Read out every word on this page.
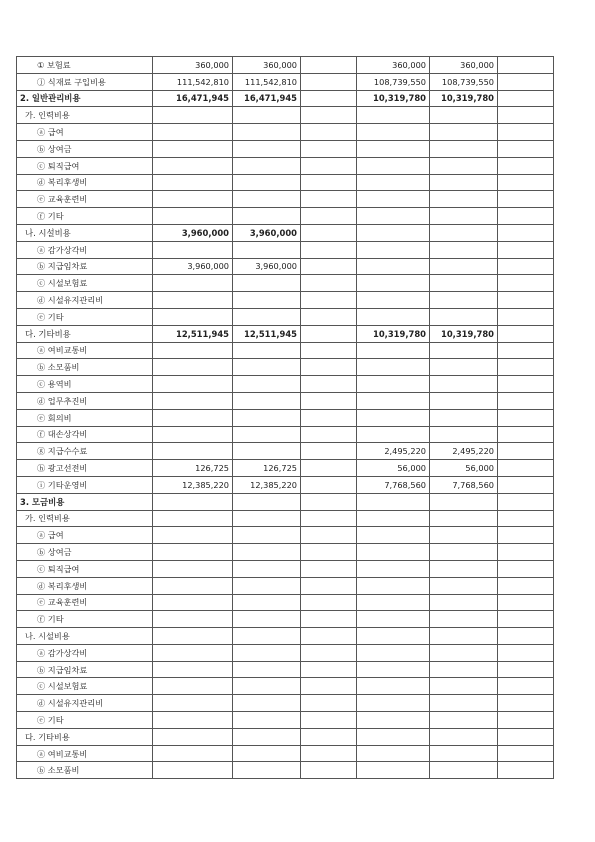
① 보험료	360,000	360,000		360,000	360,000	
ⓙ 식재료 구입비용	111,542,810	111,542,810		108,739,550	108,739,550	
2. 일반관리비용	16,471,945	16,471,945		10,319,780	10,319,780	
가. 인력비용						
ⓐ 급여						
ⓑ 상여금						
ⓒ 퇴직급여						
ⓓ 복리후생비						
ⓔ 교육훈련비						
ⓕ 기타						
나. 시설비용	3,960,000	3,960,000				
ⓐ 감가상각비						
ⓑ 지급임차료	3,960,000	3,960,000				
ⓒ 시설보험료						
ⓓ 시설유지관리비						
ⓔ 기타						
다. 기타비용	12,511,945	12,511,945		10,319,780	10,319,780	
ⓐ 여비교통비						
ⓑ 소모품비						
ⓒ 용역비						
ⓓ 업무추진비						
ⓔ 회의비						
ⓕ 대손상각비						
ⓖ 지급수수료				2,495,220	2,495,220	
ⓗ 광고선전비	126,725	126,725		56,000	56,000	
ⓘ 기타운영비	12,385,220	12,385,220		7,768,560	7,768,560	
3. 모금비용						
가. 인력비용						
ⓐ 급여						
ⓑ 상여금						
ⓒ 퇴직급여						
ⓓ 복리후생비						
ⓔ 교육훈련비						
ⓕ 기타						
나. 시설비용						
ⓐ 감가상각비						
ⓑ 지급임차료						
ⓒ 시설보험료						
ⓓ 시설유지관리비						
ⓔ 기타						
다. 기타비용						
ⓐ 여비교통비						
ⓑ 소모품비						
